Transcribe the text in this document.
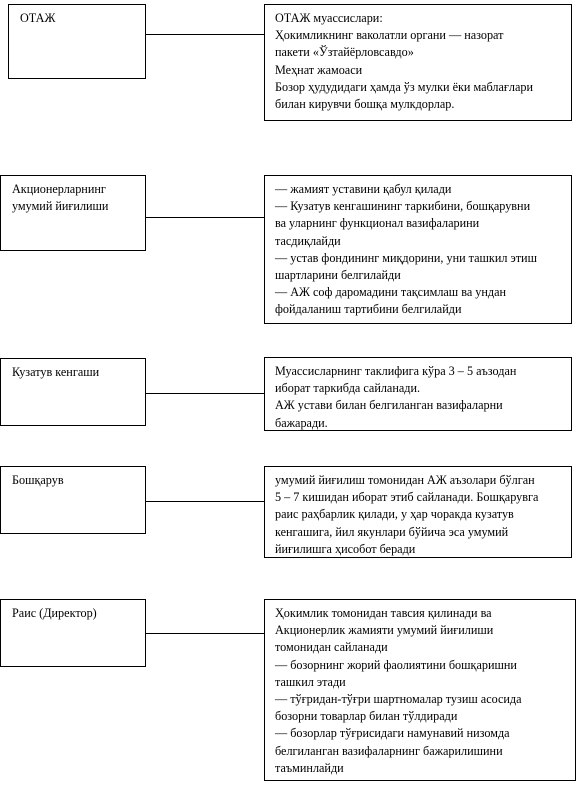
ОТАЖ	ОТАЖ муассислари:
Ҳокимликнинг ваколатли органи — назорат
пакети «Ўзтайёрловсавдо»
Меҳнат жамоаси
Бозор ҳудудидаги ҳамда ўз мулки ёки маблағлари
билан кирувчи бошқа мулкдорлар.
Акционерларнинг
умумий йиғилиши
— жамият уставини қабул қилади
— Кузатув кенгашининг таркибини, бошқарувни
ва уларнинг функционал вазифаларини
тасдиқлайди
— устав фондининг миқдорини, уни ташкил этиш
шартларини белгилайди
— АЖ соф даромадини тақсимлаш ва ундан
фойдаланиш тартибини белгилайди
Кузатув кенгаши	Муассисларнинг таклифига кўра 3 – 5 аъзодан
иборат таркибда сайланади.
АЖ устави билан белгиланган вазифаларни
бажаради.
Бошқарув	умумий йиғилиш томонидан АЖ аъзолари бўлган
5 – 7 кишидан иборат этиб сайланади. Бошқарувга
раис раҳбарлик қилади, у ҳар чоракда кузатув
кенгашига, йил якунлари бўйича эса умумий
йиғилишга ҳисобот беради
Раис (Директор)	Ҳокимлик томонидан тавсия қилинади ва
Акционерлик жамияти умумий йиғилиши
томонидан сайланади
— бозорнинг жорий фаолиятини бошқаришни
ташкил этади
— тўғридан-тўғри шартномалар тузиш асосида
бозорни товарлар билан тўлдиради
— бозорлар тўғрисидаги намунавий низомда
белгиланган вазифаларнинг бажарилишини
таъминлайди
